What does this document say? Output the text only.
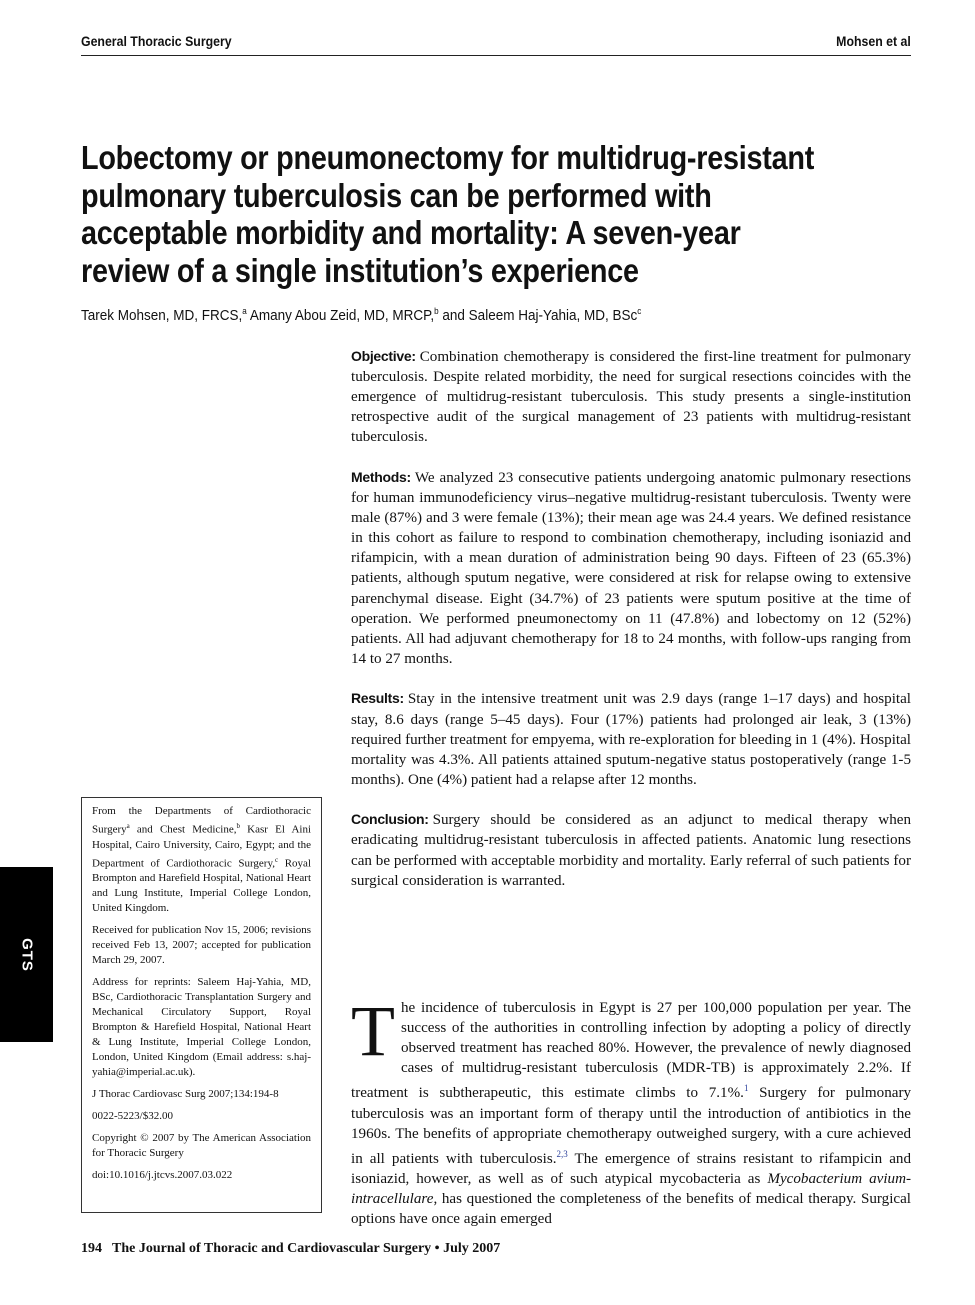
General Thoracic Surgery	Mohsen et al
Lobectomy or pneumonectomy for multidrug-resistant pulmonary tuberculosis can be performed with acceptable morbidity and mortality: A seven-year review of a single institution’s experience
Tarek Mohsen, MD, FRCS,$^a$ Amany Abou Zeid, MD, MRCP,$^b$ and Saleem Haj-Yahia, MD, BSc$^c$

Objective: Combination chemotherapy is considered the first-line treatment for pulmonary tuberculosis. Despite related morbidity, the need for surgical resections coincides with the emergence of multidrug-resistant tuberculosis. This study presents a single-institution retrospective audit of the surgical management of 23 patients with multidrug-resistant tuberculosis.

Methods: We analyzed 23 consecutive patients undergoing anatomic pulmonary resections for human immunodeficiency virus–negative multidrug-resistant tuberculosis. Twenty were male (87%) and 3 were female (13%); their mean age was 24.4 years. We defined resistance in this cohort as failure to respond to combination chemotherapy, including isoniazid and rifampicin, with a mean duration of administration being 90 days. Fifteen of 23 (65.3%) patients, although sputum negative, were considered at risk for relapse owing to extensive parenchymal disease. Eight (34.7%) of 23 patients were sputum positive at the time of operation. We performed pneumonectomy on 11 (47.8%) and lobectomy on 12 (52%) patients. All had adjuvant chemotherapy for 18 to 24 months, with follow-ups ranging from 14 to 27 months.

Results: Stay in the intensive treatment unit was 2.9 days (range 1–17 days) and hospital stay, 8.6 days (range 5–45 days). Four (17%) patients had prolonged air leak, 3 (13%) required further treatment for empyema, with re-exploration for bleeding in 1 (4%). Hospital mortality was 4.3%. All patients attained sputum-negative status postoperatively (range 1-5 months). One (4%) patient had a relapse after 12 months.

Conclusion: Surgery should be considered as an adjunct to medical therapy when eradicating multidrug-resistant tuberculosis in affected patients. Anatomic lung resections can be performed with acceptable morbidity and mortality. Early referral of such patients for surgical consideration is warranted.

From the Departments of Cardiothoracic Surgery$^a$ and Chest Medicine,$^b$ Kasr El Aini Hospital, Cairo University, Cairo, Egypt; and the Department of Cardiothoracic Surgery,$^c$ Royal Brompton and Harefield Hospital, National Heart and Lung Institute, Imperial College London, United Kingdom.

Received for publication Nov 15, 2006; revisions received Feb 13, 2007; accepted for publication March 29, 2007.

Address for reprints: Saleem Haj-Yahia, MD, BSc, Cardiothoracic Transplantation Surgery and Mechanical Circulatory Support, Royal Brompton & Harefield Hospital, National Heart & Lung Institute, Imperial College London, London, United Kingdom (Email address: s.haj-yahia@imperial.ac.uk).

J Thorac Cardiovasc Surg 2007;134:194-8

0022-5223/$32.00

Copyright © 2007 by The American Association for Thoracic Surgery

doi:10.1016/j.jtcvs.2007.03.022

GTS
The incidence of tuberculosis in Egypt is 27 per 100,000 population per year. The success of the authorities in controlling infection by adopting a policy of directly observed treatment has reached 80%. However, the prevalence of newly diagnosed cases of multidrug-resistant tuberculosis (MDR-TB) is approximately 2.2%. If treatment is subtherapeutic, this estimate climbs to 7.1%.$^1$ Surgery for pulmonary tuberculosis was an important form of therapy until the introduction of antibiotics in the 1960s. The benefits of appropriate chemotherapy outweighed surgery, with a cure achieved in all patients with tuberculosis.$^{2,3}$ The emergence of strains resistant to rifampicin and isoniazid, however, as well as of such atypical mycobacteria as Mycobacterium avium-intracellulare, has questioned the completeness of the benefits of medical therapy. Surgical options have once again emerged
194 The Journal of Thoracic and Cardiovascular Surgery • July 2007
